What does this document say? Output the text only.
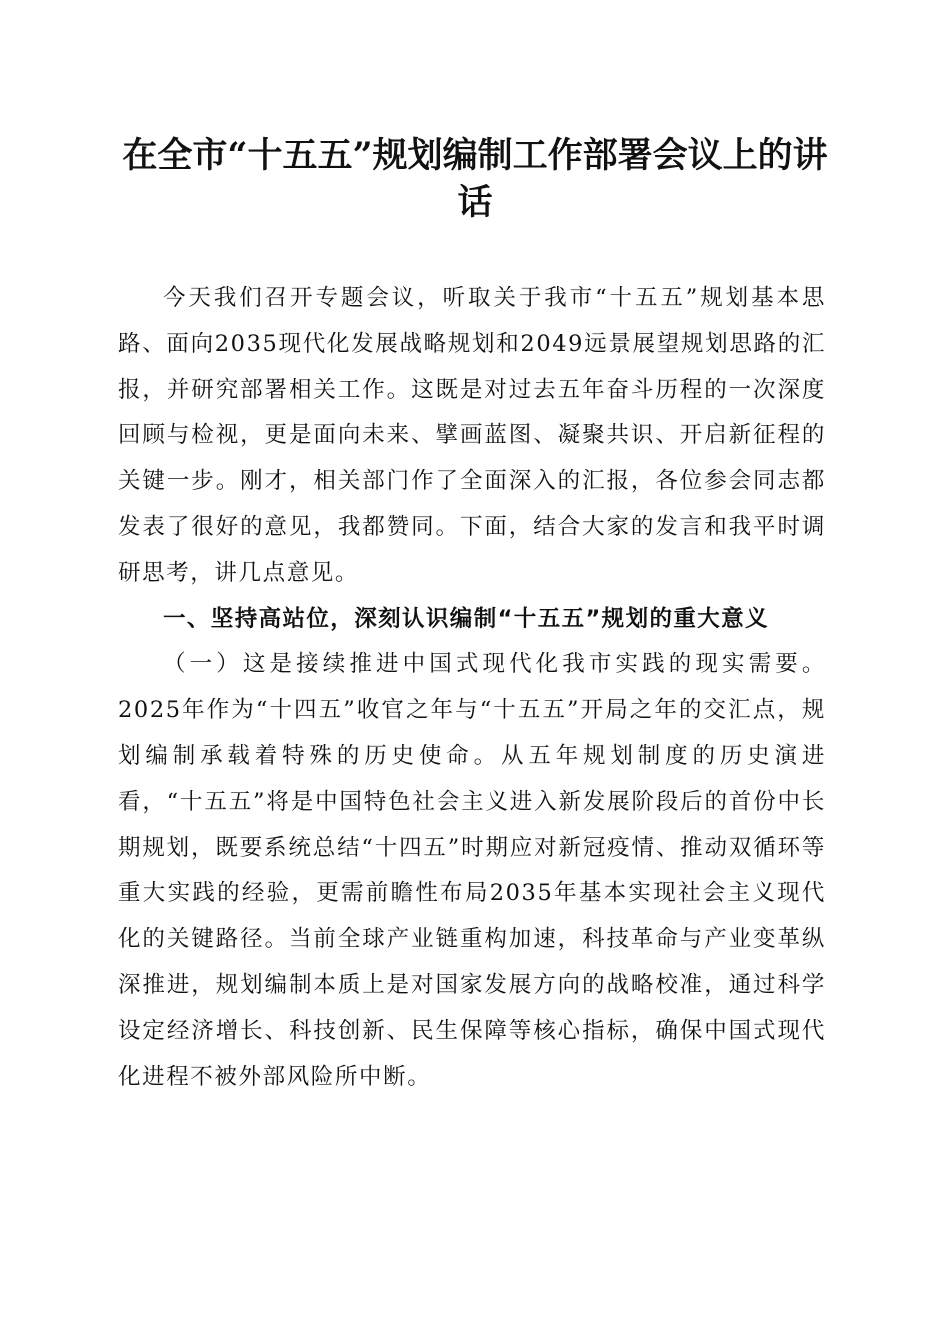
在全市“十五五”规划编制工作部署会议上的讲话

今天我们召开专题会议，听取关于我市“十五五”规划基本思路、面向2035现代化发展战略规划和2049远景展望规划思路的汇报，并研究部署相关工作。这既是对过去五年奋斗历程的一次深度回顾与检视，更是面向未来、擘画蓝图、凝聚共识、开启新征程的关键一步。刚才，相关部门作了全面深入的汇报，各位参会同志都发表了很好的意见，我都赞同。下面，结合大家的发言和我平时调研思考，讲几点意见。

一、坚持高站位，深刻认识编制“十五五”规划的重大意义

（一）这是接续推进中国式现代化我市实践的现实需要。2025年作为“十四五”收官之年与“十五五”开局之年的交汇点，规划编制承载着特殊的历史使命。从五年规划制度的历史演进看，“十五五”将是中国特色社会主义进入新发展阶段后的首份中长期规划，既要系统总结“十四五”时期应对新冠疫情、推动双循环等重大实践的经验，更需前瞻性布局2035年基本实现社会主义现代化的关键路径。当前全球产业链重构加速，科技革命与产业变革纵深推进，规划编制本质上是对国家发展方向的战略校准，通过科学设定经济增长、科技创新、民生保障等核心指标，确保中国式现代化进程不被外部风险所中断。
